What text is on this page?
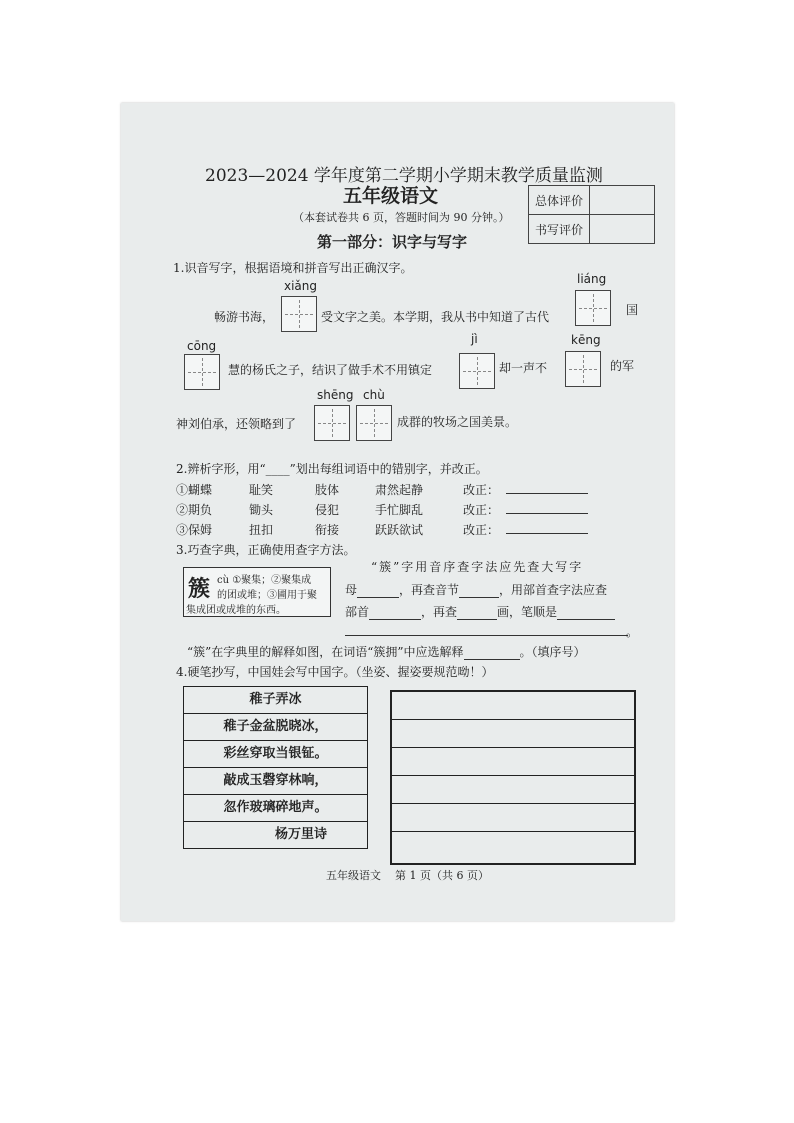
2023—2024 学年度第二学期小学期末教学质量监测
五年级语文
（本套试卷共 6 页，答题时间为 90 分钟。）
总体评价	
书写评价	
第一部分：识字与写字
1.识音写字，根据语境和拼音写出正确汉字。
xiǎng	liáng
畅游书海，	受文字之美。本学期，我从书中知道了古代	国
cōng	jì	kēng
慧的杨氏之子，结识了做手术不用镇定	却一声不	的军
shēng chù
神刘伯承，还领略到了	成群的牧场之国美景。
2.辨析字形，用“____”划出每组词语中的错别字，并改正。
①蝴蝶	耻笑	肢体	肃然起静	改正：
②期负	锄头	侵犯	手忙脚乱	改正：
③保姆	扭扣	衔接	跃跃欲试	改正：
3.巧查字典，正确使用查字方法。
簇 cù ①聚集；②聚集成
的团或堆；③圃用于聚
集成团或成堆的东西。
“簇”字用音序查字法应先查大写字
母	，再查音节	，用部首查字法应查
部首	，再查	画，笔顺是
。
“簇”在字典里的解释如图，在词语“簇拥”中应选解释	。（填序号）
4.硬笔抄写，中国娃会写中国字。（坐姿、握姿要规范呦！）
稚子弄冰
稚子金盆脱晓冰，
彩丝穿取当银钲。
敲成玉磬穿林响，
忽作玻璃碎地声。
杨万里诗
五年级语文    第 1 页（共 6 页）
